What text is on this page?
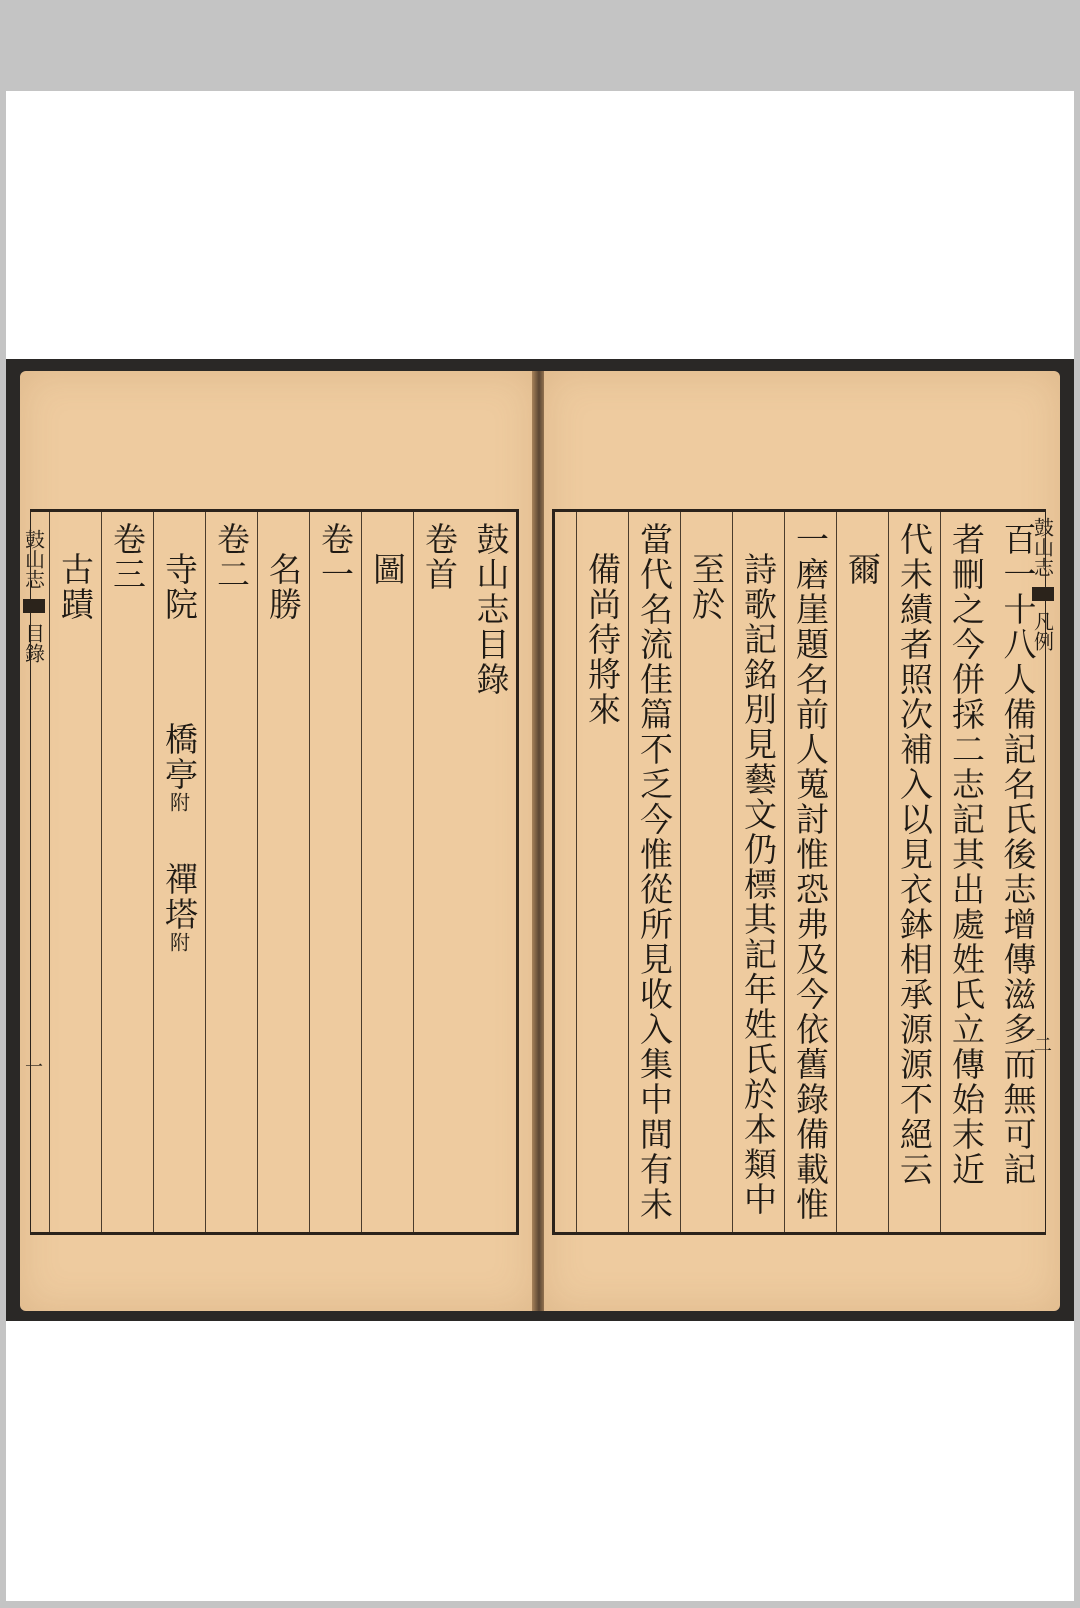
鼓山志
目錄
一
鼓山志目錄
卷首
圖
卷一
名勝
卷二
寺院
橋亭
附
禪塔
附
卷三
古蹟
鼓山志
凡例
二
百一十八人備記名氏後志增傳滋多而無可記
者刪之今併採二志記其出處姓氏立傳始末近
代未績者照次補入以見衣鉢相承源源不絕云
爾
一磨崖題名前人蒐討惟恐弗及今依舊錄備載惟
詩歌記銘別見藝文仍標其記年姓氏於本類中
至於
當代名流佳篇不乏今惟從所見收入集中間有未
備尚待將來
